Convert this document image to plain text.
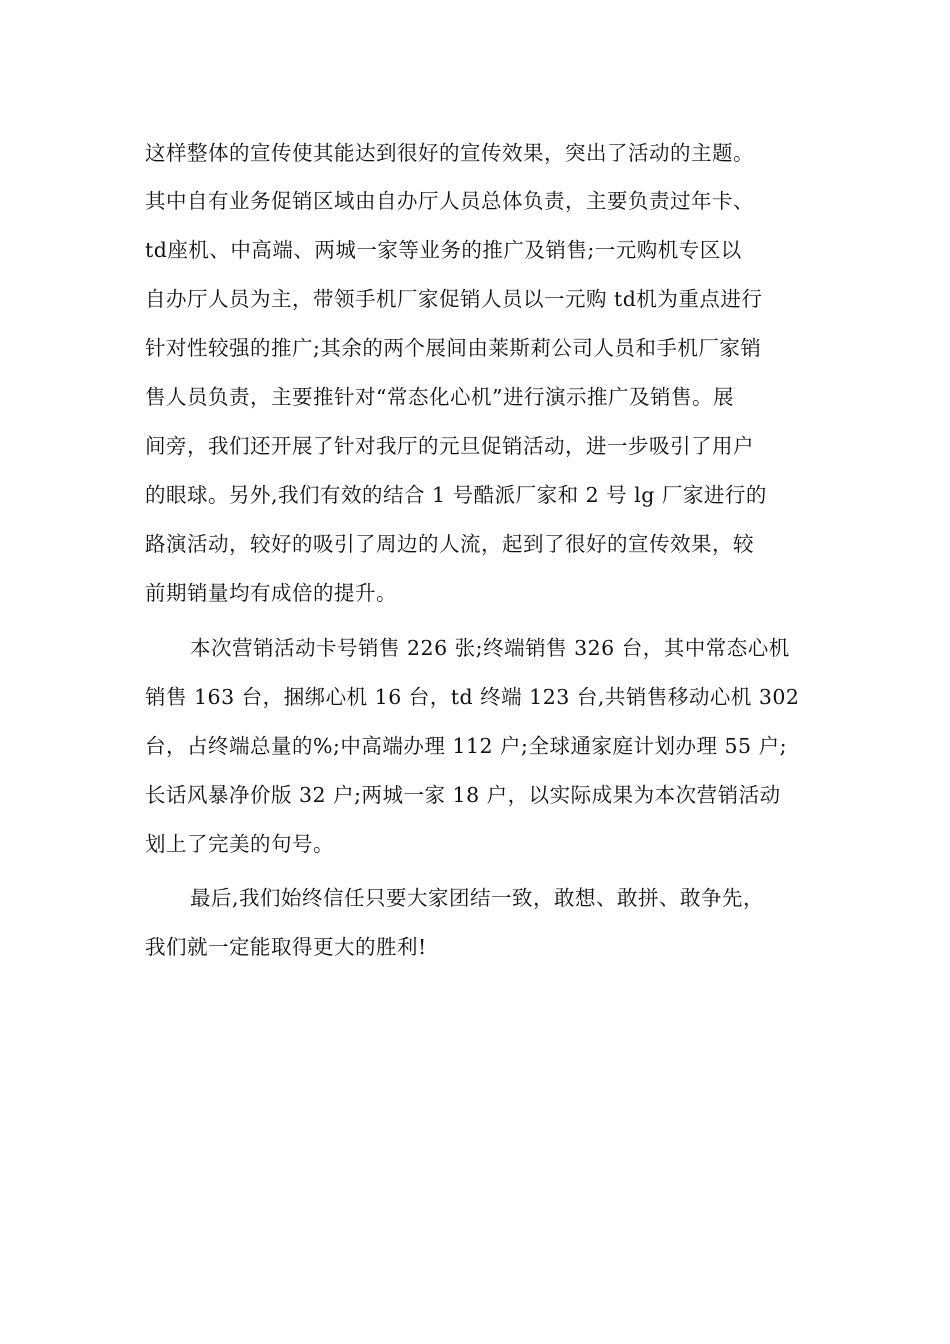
这样整体的宣传使其能达到很好的宣传效果，突出了活动的主题。
其中自有业务促销区域由自办厅人员总体负责，主要负责过年卡、
td座机、中高端、两城一家等业务的推广及销售;一元购机专区以
自办厅人员为主，带领手机厂家促销人员以一元购 td机为重点进行
针对性较强的推广;其余的两个展间由莱斯莉公司人员和手机厂家销
售人员负责，主要推针对“常态化心机”进行演示推广及销售。展
间旁，我们还开展了针对我厅的元旦促销活动，进一步吸引了用户
的眼球。另外,我们有效的结合 1 号酷派厂家和 2 号 lg 厂家进行的
路演活动，较好的吸引了周边的人流，起到了很好的宣传效果，较
前期销量均有成倍的提升。
本次营销活动卡号销售 226 张;终端销售 326 台，其中常态心机
销售 163 台，捆绑心机 16 台，td 终端 123 台,共销售移动心机 302
台，占终端总量的%;中高端办理 112 户;全球通家庭计划办理 55 户;
长话风暴净价版 32 户;两城一家 18 户，以实际成果为本次营销活动
划上了完美的句号。
最后,我们始终信任只要大家团结一致，敢想、敢拼、敢争先，
我们就一定能取得更大的胜利!
